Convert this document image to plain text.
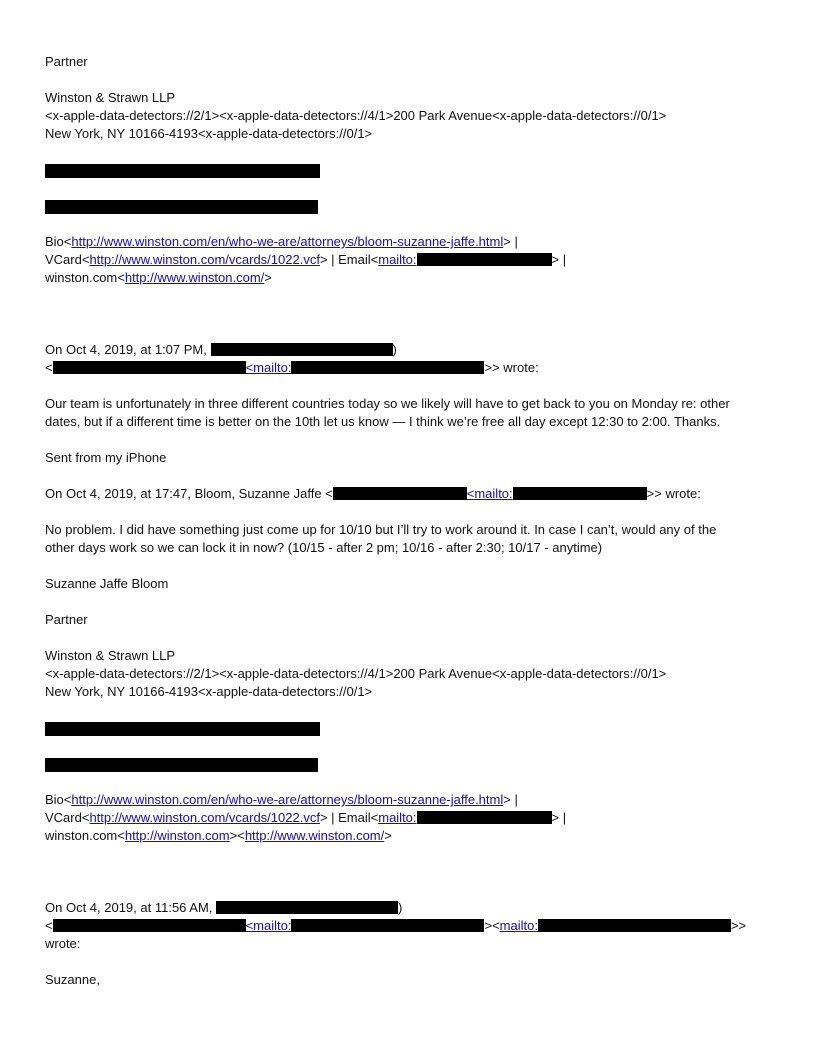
Partner
Winston & Strawn LLP
<x-apple-data-detectors://2/1><x-apple-data-detectors://4/1>200 Park Avenue<x-apple-data-detectors://0/1>
New York, NY 10166-4193<x-apple-data-detectors://0/1>
Bio<http://www.winston.com/en/who-we-are/attorneys/bloom-suzanne-jaffe.html> |
VCard<http://www.winston.com/vcards/1022.vcf> | Email<mailto:	> |
winston.com<http://www.winston.com/>
On Oct 4, 2019, at 1:07 PM,	)
<	<mailto:	>> wrote:
Our team is unfortunately in three different countries today so we likely will have to get back to you on Monday re: other
dates, but if a different time is better on the 10th let us know — I think we’re free all day except 12:30 to 2:00. Thanks.
Sent from my iPhone
On Oct 4, 2019, at 17:47, Bloom, Suzanne Jaffe <	<mailto:	>> wrote:
No problem. I did have something just come up for 10/10 but I’ll try to work around it. In case I can’t, would any of the
other days work so we can lock it in now? (10/15 - after 2 pm; 10/16 - after 2:30; 10/17 - anytime)
Suzanne Jaffe Bloom
Partner
Winston & Strawn LLP
<x-apple-data-detectors://2/1><x-apple-data-detectors://4/1>200 Park Avenue<x-apple-data-detectors://0/1>
New York, NY 10166-4193<x-apple-data-detectors://0/1>
Bio<http://www.winston.com/en/who-we-are/attorneys/bloom-suzanne-jaffe.html> |
VCard<http://www.winston.com/vcards/1022.vcf> | Email<mailto:	> |
winston.com<http://winston.com><http://www.winston.com/>
On Oct 4, 2019, at 11:56 AM,	)
<	<mailto:	><mailto:	>>
wrote:
Suzanne,
